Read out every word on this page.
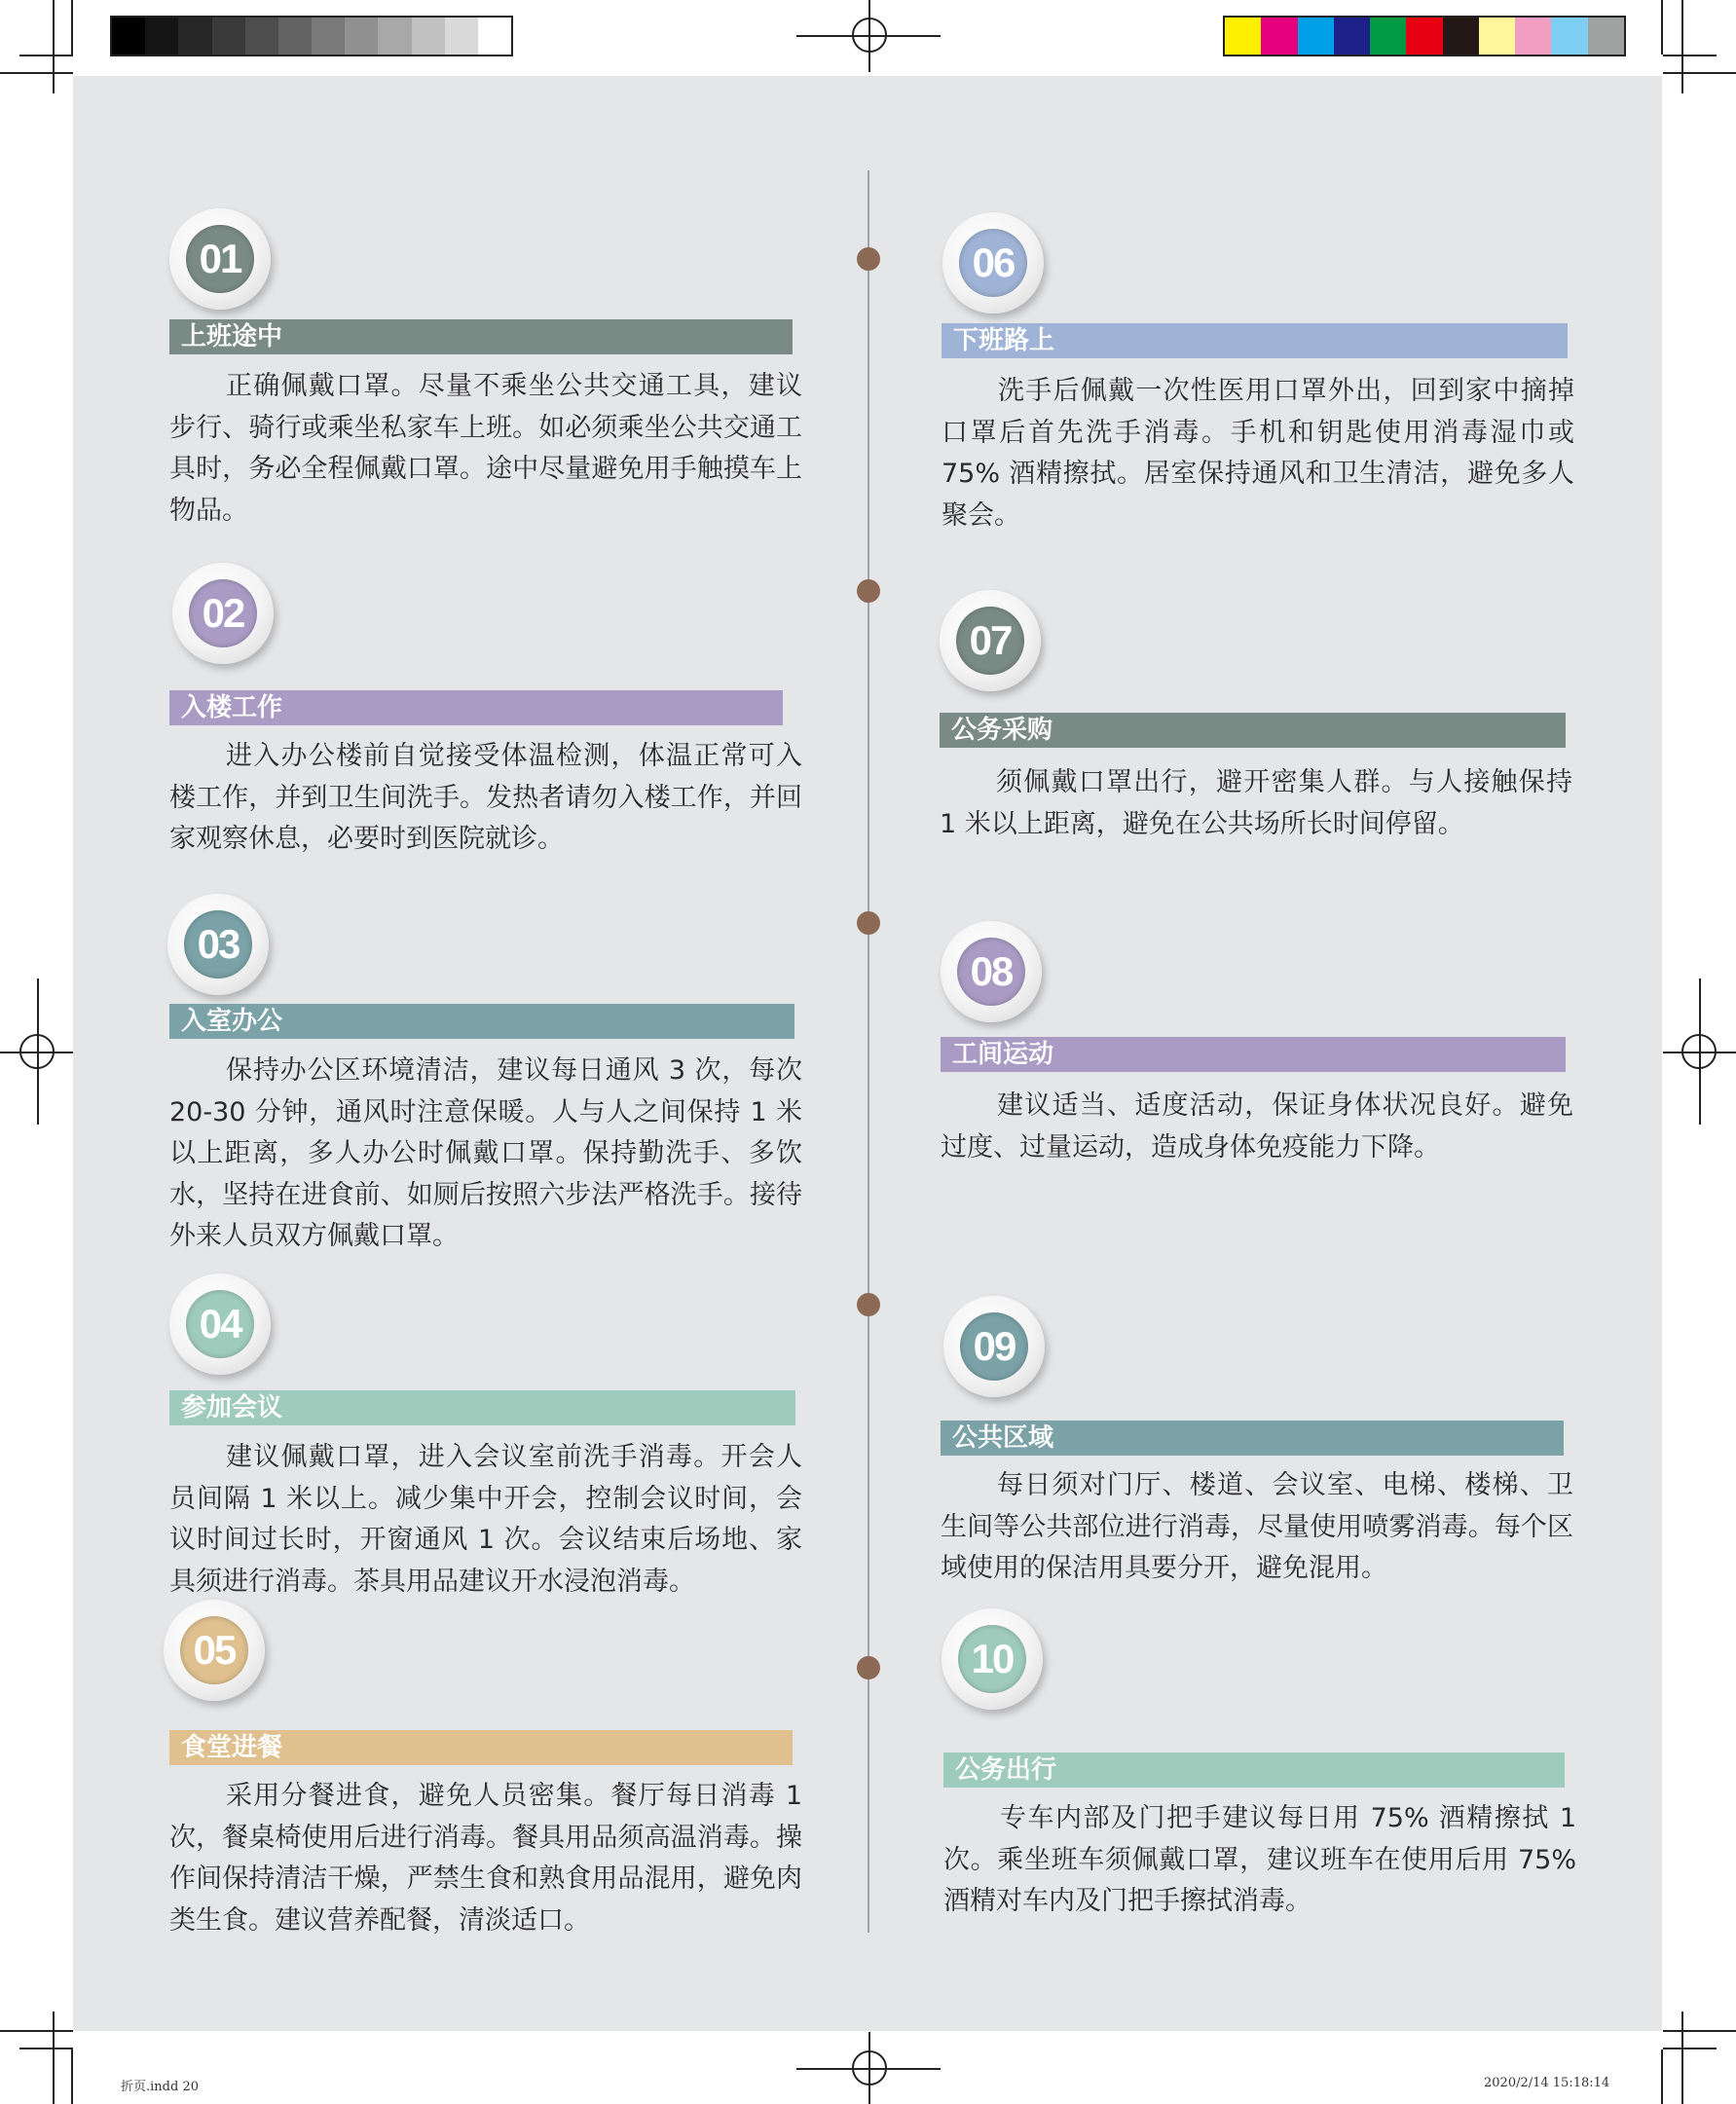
01
上班途中

正确佩戴口罩。尽量不乘坐公共交通工具，建议步行、骑行或乘坐私家车上班。如必须乘坐公共交通工具时，务必全程佩戴口罩。途中尽量避免用手触摸车上物品。

02
入楼工作

进入办公楼前自觉接受体温检测，体温正常可入楼工作，并到卫生间洗手。发热者请勿入楼工作，并回家观察休息，必要时到医院就诊。

03
入室办公

保持办公区环境清洁，建议每日通风 3 次，每次 20-30 分钟，通风时注意保暖。人与人之间保持 1 米以上距离，多人办公时佩戴口罩。保持勤洗手、多饮水，坚持在进食前、如厕后按照六步法严格洗手。接待外来人员双方佩戴口罩。

04
参加会议

建议佩戴口罩，进入会议室前洗手消毒。开会人员间隔 1 米以上。减少集中开会，控制会议时间，会议时间过长时，开窗通风 1 次。会议结束后场地、家具须进行消毒。茶具用品建议开水浸泡消毒。

05
食堂进餐

采用分餐进食，避免人员密集。餐厅每日消毒 1 次，餐桌椅使用后进行消毒。餐具用品须高温消毒。操作间保持清洁干燥，严禁生食和熟食用品混用，避免肉类生食。建议营养配餐，清淡适口。

06
下班路上

洗手后佩戴一次性医用口罩外出，回到家中摘掉口罩后首先洗手消毒。手机和钥匙使用消毒湿巾或 75% 酒精擦拭。居室保持通风和卫生清洁，避免多人聚会。

07
公务采购

须佩戴口罩出行，避开密集人群。与人接触保持 1 米以上距离，避免在公共场所长时间停留。

08
工间运动

建议适当、适度活动，保证身体状况良好。避免过度、过量运动，造成身体免疫能力下降。

09
公共区域

每日须对门厅、楼道、会议室、电梯、楼梯、卫生间等公共部位进行消毒，尽量使用喷雾消毒。每个区域使用的保洁用具要分开，避免混用。

10
公务出行

专车内部及门把手建议每日用 75% 酒精擦拭 1 次。乘坐班车须佩戴口罩，建议班车在使用后用 75% 酒精对车内及门把手擦拭消毒。

折页.indd 20	2020/2/14 15:18:14
